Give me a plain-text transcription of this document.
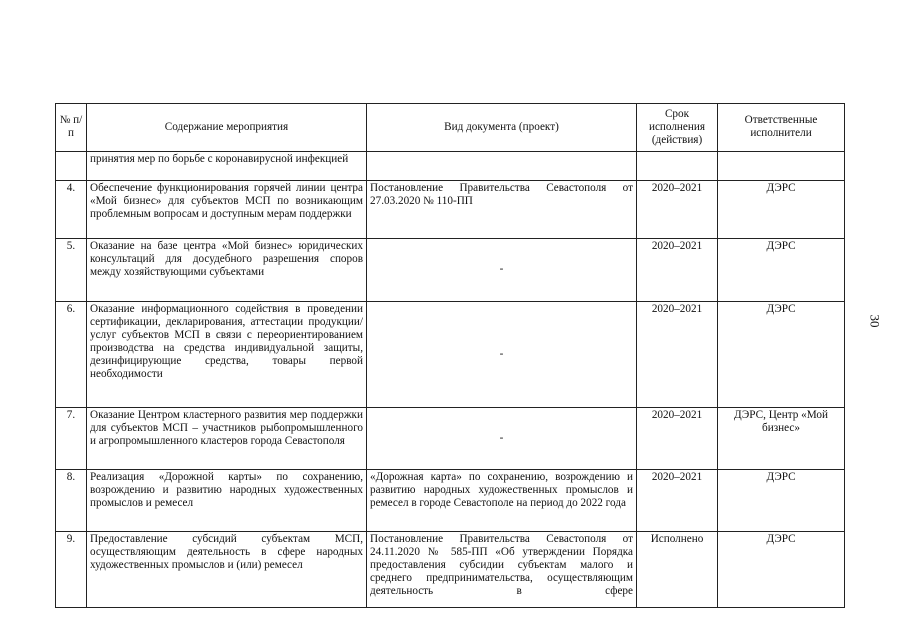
№ п/п	Содержание мероприятия	Вид документа (проект)	Срок исполнения (действия)	Ответственные исполнители
	принятия мер по борьбе с коронавирусной инфекцией			
4.	Обеспечение функционирования горячей линии центра «Мой бизнес» для субъектов МСП по возникающим проблемным вопросам и доступным мерам поддержки	Постановление Правительства Севастополя от 27.03.2020 № 110-ПП	2020–2021	ДЭРС
5.	Оказание на базе центра «Мой бизнес» юридических консультаций для досудебного разрешения споров между хозяйствующими субъектами	-	2020–2021	ДЭРС
6.	Оказание информационного содействия в проведении сертификации, декларирования, аттестации продукции/услуг субъектов МСП в связи с переориентированием производства на средства индивидуальной защиты, дезинфицирующие средства, товары первой необходимости	-	2020–2021	ДЭРС
7.	Оказание Центром кластерного развития мер поддержки для субъектов МСП – участников рыбопромышленного и агропромышленного кластеров города Севастополя	-	2020–2021	ДЭРС, Центр «Мой бизнес»
8.	Реализация «Дорожной карты» по сохранению, возрождению и развитию народных художественных промыслов и ремесел	«Дорожная карта» по сохранению, возрождению и развитию народных художественных промыслов и ремесел в городе Севастополе на период до 2022 года	2020–2021	ДЭРС
9.	Предоставление субсидий субъектам МСП, осуществляющим деятельность в сфере народных художественных промыслов и (или) ремесел	Постановление Правительства Севастополя от 24.11.2020 № 585-ПП «Об утверждении Порядка предоставления субсидии субъектам малого и среднего предпринимательства, осуществляющим деятельность в сфере	Исполнено	ДЭРС
30
